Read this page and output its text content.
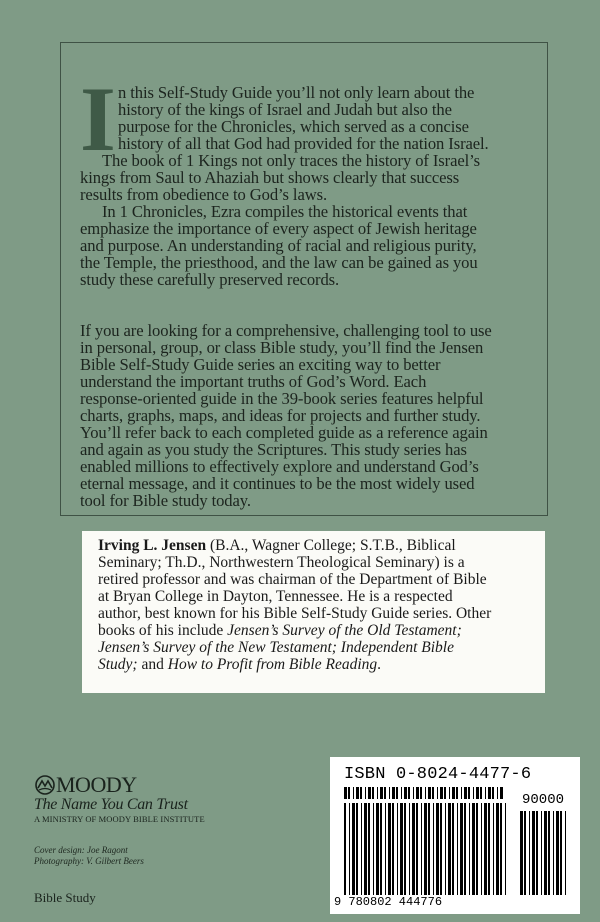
I n this Self-Study Guide you’ll not only learn about the
history of the kings of Israel and Judah but also the
purpose for the Chronicles, which served as a concise
history of all that God had provided for the nation Israel.
The book of 1 Kings not only traces the history of Israel’s
kings from Saul to Ahaziah but shows clearly that success
results from obedience to God’s laws.
In 1 Chronicles, Ezra compiles the historical events that
emphasize the importance of every aspect of Jewish heritage
and purpose. An understanding of racial and religious purity,
the Temple, the priesthood, and the law can be gained as you
study these carefully preserved records.

If you are looking for a comprehensive, challenging tool to use
in personal, group, or class Bible study, you’ll find the Jensen
Bible Self-Study Guide series an exciting way to better
understand the important truths of God’s Word. Each
response-oriented guide in the 39-book series features helpful
charts, graphs, maps, and ideas for projects and further study.
You’ll refer back to each completed guide as a reference again
and again as you study the Scriptures. This study series has
enabled millions to effectively explore and understand God’s
eternal message, and it continues to be the most widely used
tool for Bible study today.

Irving L. Jensen (B.A., Wagner College; S.T.B., Biblical
Seminary; Th.D., Northwestern Theological Seminary) is a
retired professor and was chairman of the Department of Bible
at Bryan College in Dayton, Tennessee. He is a respected
author, best known for his Bible Self-Study Guide series. Other
books of his include Jensen’s Survey of the Old Testament;
Jensen’s Survey of the New Testament; Independent Bible
Study; and How to Profit from Bible Reading.
MOODY
The Name You Can Trust
A MINISTRY OF MOODY BIBLE INSTITUTE
Cover design: Joe Ragont
Photography: V. Gilbert Beers
Bible Study
ISBN 0-8024-4477-6
90000
9 780802 444776
